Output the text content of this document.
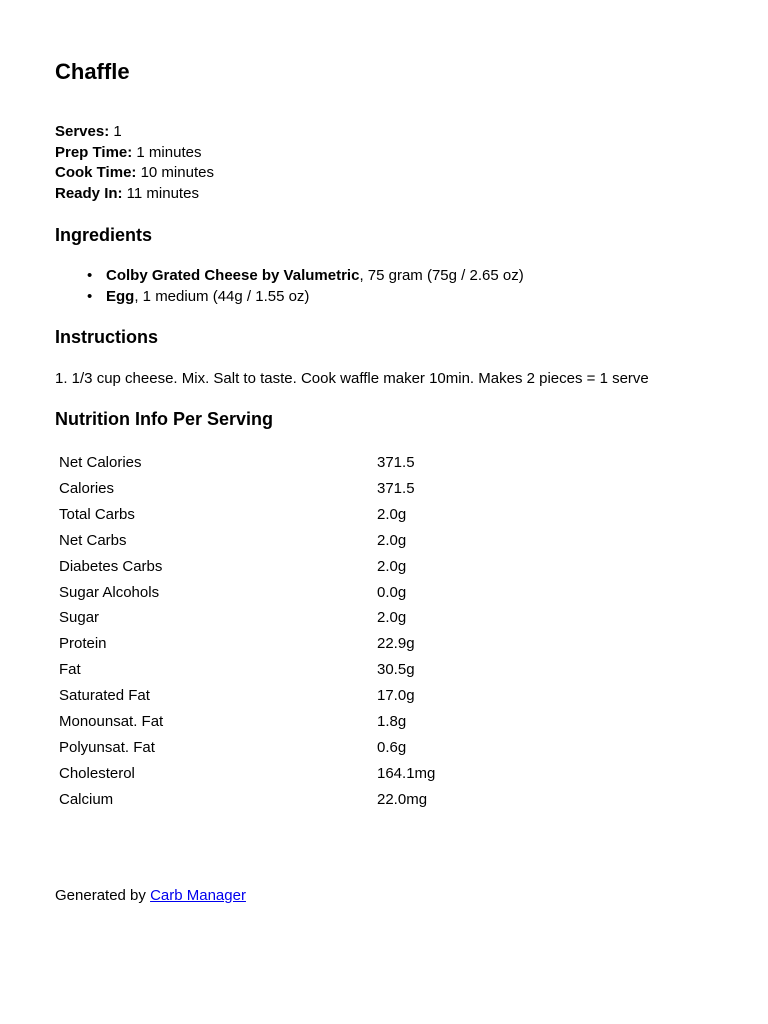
Chaffle
Serves: 1
Prep Time: 1 minutes
Cook Time: 10 minutes
Ready In: 11 minutes
Ingredients
• Colby Grated Cheese by Valumetric, 75 gram (75g / 2.65 oz)
• Egg, 1 medium (44g / 1.55 oz)
Instructions
1. 1/3 cup cheese. Mix. Salt to taste. Cook waffle maker 10min. Makes 2 pieces = 1 serve
Nutrition Info Per Serving
Net Calories	371.5
Calories	371.5
Total Carbs	2.0g
Net Carbs	2.0g
Diabetes Carbs	2.0g
Sugar Alcohols	0.0g
Sugar	2.0g
Protein	22.9g
Fat	30.5g
Saturated Fat	17.0g
Monounsat. Fat	1.8g
Polyunsat. Fat	0.6g
Cholesterol	164.1mg
Calcium	22.0mg
Generated by Carb Manager
